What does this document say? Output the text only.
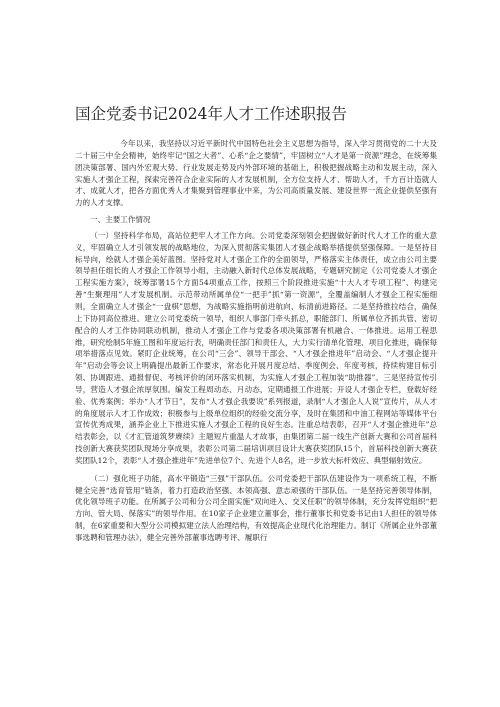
国企党委书记2024年人才工作述职报告

今年以来，我坚持以习近平新时代中国特色社会主义思想为指导，深入学习贯彻党的二十大及二十届三中全会精神，始终牢记“国之大者”、心系“企之要情”，牢固树立“人才是第一资源”理念，在统筹集团决策部署、国内外宏观大势、行业发展走势及内外部环境的基础上，积极把握战略主动和发展主动，深入实施人才强企工程，探索完善符合企业实际的人才发展机制，全方位支持人才、帮助人才，千方百计造就人才、成就人才，把各方面优秀人才集聚到管理事业中来，为公司高质量发展、建设世界一流企业提供坚强有力的人才支撑。

一、主要工作情况

（一）坚持科学布局，高站位把牢人才工作方向。公司党委深刻领会把握做好新时代人才工作的重大意义，牢固确立人才引领发展的战略地位，为深入贯彻落实集团人才强企战略举措提供坚强保障。一是坚持目标导向，绘就人才强企美好蓝图。坚持党对人才强企工作的全面领导，严格落实主体责任，成立由公司主要领导担任组长的人才强企工作领导小组，主动融入新时代总体发展战略，专题研究制定《公司党委人才强企工程实施方案》，统筹部署15个方面54项重点工作，按照三个阶段推进实施“十大人才专项工程”、构建完善“生聚理用”人才发展机制。示范带动所属单位“一把手”抓“第一资源”，全覆盖编制人才强企工程实施细则，全面确立人才强企“一盘棋”思想，为战略实施指明前进航向、标清前进路径。二是坚持推拉结合，确保上下协同高位推进。建立公司党委统一领导，组织人事部门牵头抓总，职能部门、所属单位齐抓共管、密切配合的人才工作协同联动机制，推动人才强企工作与党委各项决策部署有机融合、一体推进。运用工程思维，研究绘制5年施工图和年度运行表，明确责任部门和责任人，大力实行清单化管理、项目化推进，确保每项举措落点见效。紧盯企业统筹，在公司“三会”、领导干部会、“人才强企推进年”启动会、“人才强企提升年”启动会等会议上明确提出最新工作要求，常态化开展月度总结、季度例会、年度考核，持续构建目标引领、协调跟进、通报督促、考核评价的闭环落实机制，为实施人才强企工程加装“助推器”。三是坚持宣传引导，营造人才强企浓厚氛围。编发工程周动态、月动态，定期通报工作进展；开设人才强企专栏，登载好经验、优秀案例；举办“人才节日”，发布“人才强企我要说”系列报道，录制“人才强企人人说”宣传片，从人才的角度展示人才工作成效；积极参与上级单位组织的经验交流分享，及时在集团和中油工程网站等媒体平台宣传优秀成果，涵养企业上下推进实施人才强企工程的良好生态。注重总结表彰，召开“人才强企推进年”总结表彰会，以《才汇管道筑梦赓续》主题短片重温人才故事，由集团第二届一线生产创新大赛和公司首届科技创新大赛获奖团队现场分享成果，表彰公司第二届培训项目设计大赛获奖团队15个，首届科技创新大赛获奖团队12个，表彰“人才强企推进年”先进单位7个、先进个人8名，进一步放大标杆效应、典型辐射效应。

（二）强化班子功能，高水平锻造“三强”干部队伍。公司党委把干部队伍建设作为一项系统工程，不断健全完善“选育管用”链条，着力打造政治坚强、本领高强、意志顽强的干部队伍。一是坚持完善领导体制，优化领导班子功能。在所属子公司和分公司全面实施“双向进入、交叉任职”的领导体制，充分发挥党组织“把方向、管大局、保落实”的领导作用。在10家子企业建立董事会，推行董事长和党委书记由1人担任的领导体制，在6家重要和大型分公司模拟建立法人治理结构，有效提高企业现代化治理能力。制订《所属企业外部董事选聘和管理办法》，健全完善外部董事选聘考评、履职行
